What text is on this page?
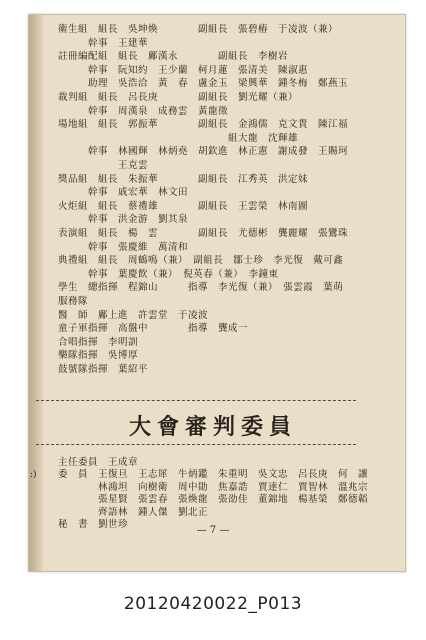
衛生組　組長　吳坤煥　　　　副組長　張碧樁　于凌波（兼）
　　　幹事　王建華
註冊編配組　組長　鄺漢永　　　　副組長　李樹岩
　　　幹事　阮知約　王少蘭　柯月蓮　張清美　陳淑惠
　　　助理　吳浩洽　黃　春　盧金玉　梁興華　鍾冬梅　鄭燕玉
裁判組　組長　呂長庚　　　　副組長　劉光耀（兼）
　　　幹事　周漢泉　成務雲　黃龍徵
場地組　組長　郭振華　　　　副組長　金鴻儒　克文貴　陳江福
　　　　　　　　　　　　　　　　　組大龍　沈輝雄
　　　幹事　林國輝　林炳堯　胡欽進　林正憲　謝成發　王賜珂
　　　　　　王克雲
獎品組　組長　朱振華　　　　副組長　江秀英　洪定妹
　　　幹事　戚宏華　林文田
火炬組　組長　蔡禮雄　　　　副組長　王雲榮　林南圖
　　　幹事　洪金游　劉其泉
表演組　組長　楊　雲　　　　副組長　尤德彬　龔麗耀　張鸞珠
　　　幹事　張慶維　萬清和
典禮組　組長　周鶴鳴（兼）　副組長　鄒士珍　李光復　戴可鑫
　　　幹事　葉慶飲（兼）　倪英春（兼）　李鐘東
學生　總指揮　程錦山　　　指導　李光復（兼）　張雲霞　葉萌
服務隊
醫　師　鄺上進　許雲堂　于凌波
童子軍指揮　高盤中　　　　指導　龔成一
合唱指揮　李明訓
樂隊指揮　吳博厚
鼓號隊指揮　葉紹平
大會審判委員
主任委員　王成章
委　員　王復旦　王志犀　牛炳鑑　朱重明　吳文忠　呂長庚　何　讓
　　　　林鴻坦　向樹衛　周中勛　焦嘉誥　賈達仁　賈智林　溫兆宗
　　　　張星賢　張雲春　張煥龍　張劭佳　董錦地　楊基榮　鄭德韜
　　　　齊語林　鍾人傑　劉北正
秘　書　劉世珍
:)
— 7 —
20120420022_P013
